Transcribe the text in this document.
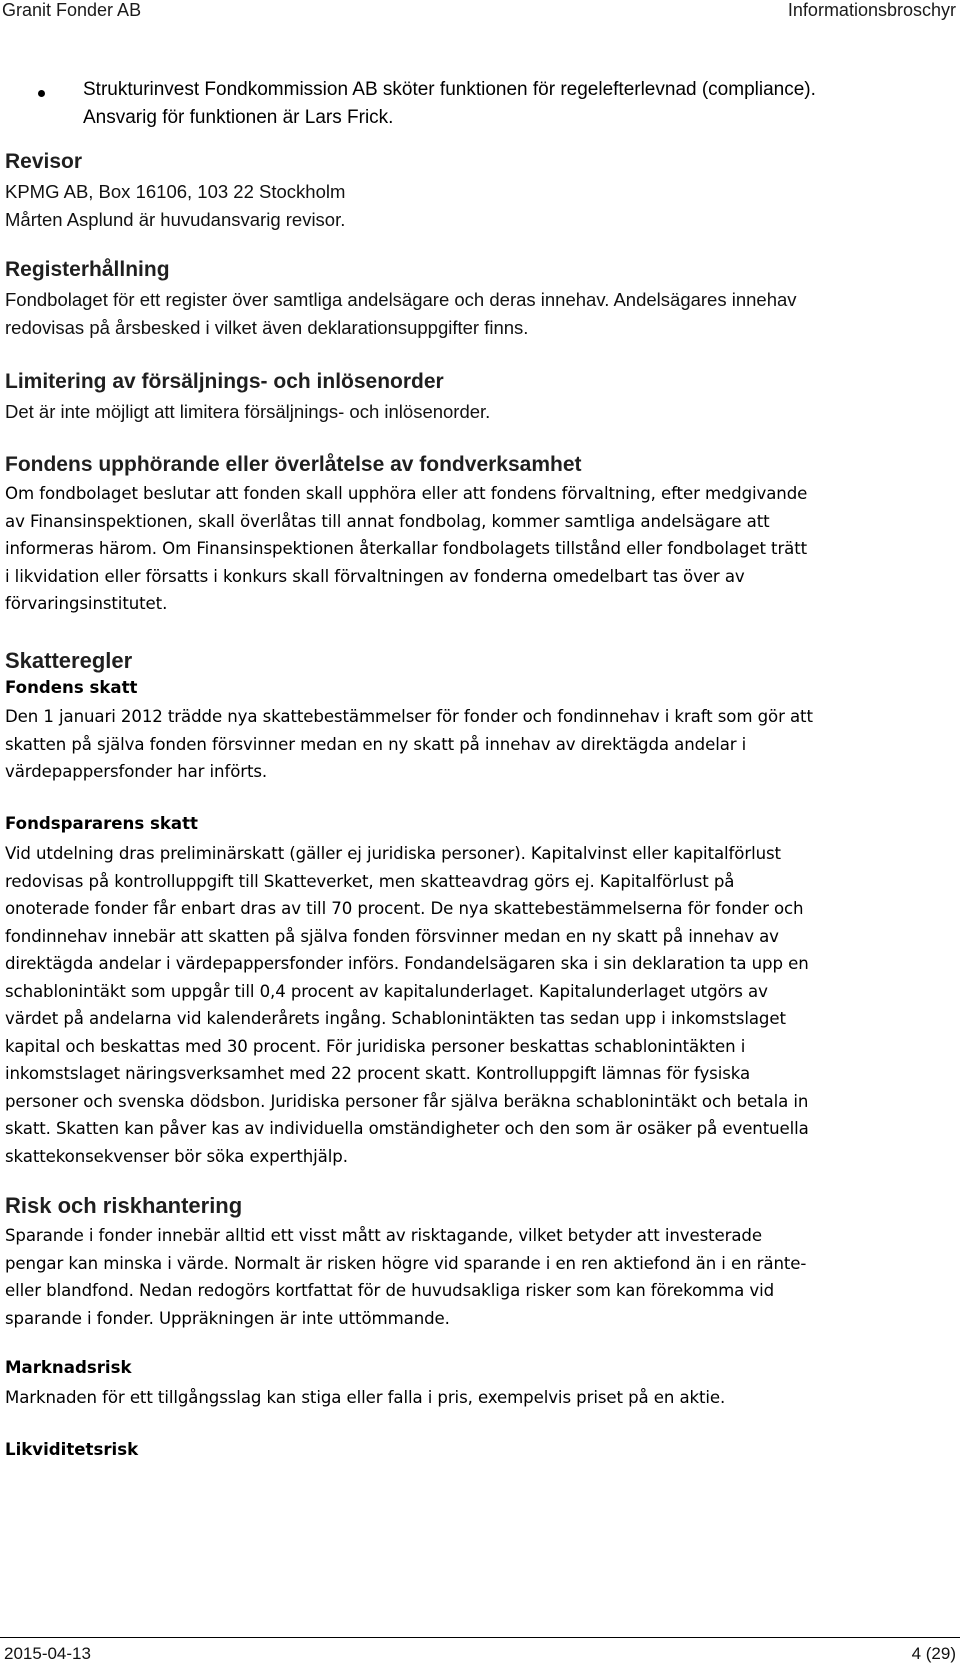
Granit Fonder AB	Informationsbroschyr
Strukturinvest Fondkommission AB sköter funktionen för regelefterlevnad (compliance).
Ansvarig för funktionen är Lars Frick.
Revisor
KPMG AB, Box 16106, 103 22 Stockholm
Mårten Asplund är huvudansvarig revisor.
Registerhållning
Fondbolaget för ett register över samtliga andelsägare och deras innehav. Andelsägares innehav
redovisas på årsbesked i vilket även deklarationsuppgifter finns.
Limitering av försäljnings- och inlösenorder
Det är inte möjligt att limitera försäljnings- och inlösenorder.
Fondens upphörande eller överlåtelse av fondverksamhet
Om fondbolaget beslutar att fonden skall upphöra eller att fondens förvaltning, efter medgivande
av Finansinspektionen, skall överlåtas till annat fondbolag, kommer samtliga andelsägare att
informeras härom. Om Finansinspektionen återkallar fondbolagets tillstånd eller fondbolaget trätt
i likvidation eller försatts i konkurs skall förvaltningen av fonderna omedelbart tas över av
förvaringsinstitutet.
Skatteregler
Fondens skatt
Den 1 januari 2012 trädde nya skattebestämmelser för fonder och fondinnehav i kraft som gör att
skatten på själva fonden försvinner medan en ny skatt på innehav av direktägda andelar i
värdepappersfonder har införts.
Fondspararens skatt
Vid utdelning dras preliminärskatt (gäller ej juridiska personer). Kapitalvinst eller kapitalförlust
redovisas på kontrolluppgift till Skatteverket, men skatteavdrag görs ej. Kapitalförlust på
onoterade fonder får enbart dras av till 70 procent. De nya skattebestämmelserna för fonder och
fondinnehav innebär att skatten på själva fonden försvinner medan en ny skatt på innehav av
direktägda andelar i värdepappersfonder införs. Fondandelsägaren ska i sin deklaration ta upp en
schablonintäkt som uppgår till 0,4 procent av kapitalunderlaget. Kapitalunderlaget utgörs av
värdet på andelarna vid kalenderårets ingång. Schablonintäkten tas sedan upp i inkomstslaget
kapital och beskattas med 30 procent. För juridiska personer beskattas schablonintäkten i
inkomstslaget näringsverksamhet med 22 procent skatt. Kontrolluppgift lämnas för fysiska
personer och svenska dödsbon. Juridiska personer får själva beräkna schablonintäkt och betala in
skatt. Skatten kan påver kas av individuella omständigheter och den som är osäker på eventuella
skattekonsekvenser bör söka experthjälp.
Risk och riskhantering
Sparande i fonder innebär alltid ett visst mått av risktagande, vilket betyder att investerade
pengar kan minska i värde. Normalt är risken högre vid sparande i en ren aktiefond än i en ränte-
eller blandfond. Nedan redogörs kortfattat för de huvudsakliga risker som kan förekomma vid
sparande i fonder. Uppräkningen är inte uttömmande.
Marknadsrisk
Marknaden för ett tillgångsslag kan stiga eller falla i pris, exempelvis priset på en aktie.
Likviditetsrisk
2015-04-13	4 (29)
